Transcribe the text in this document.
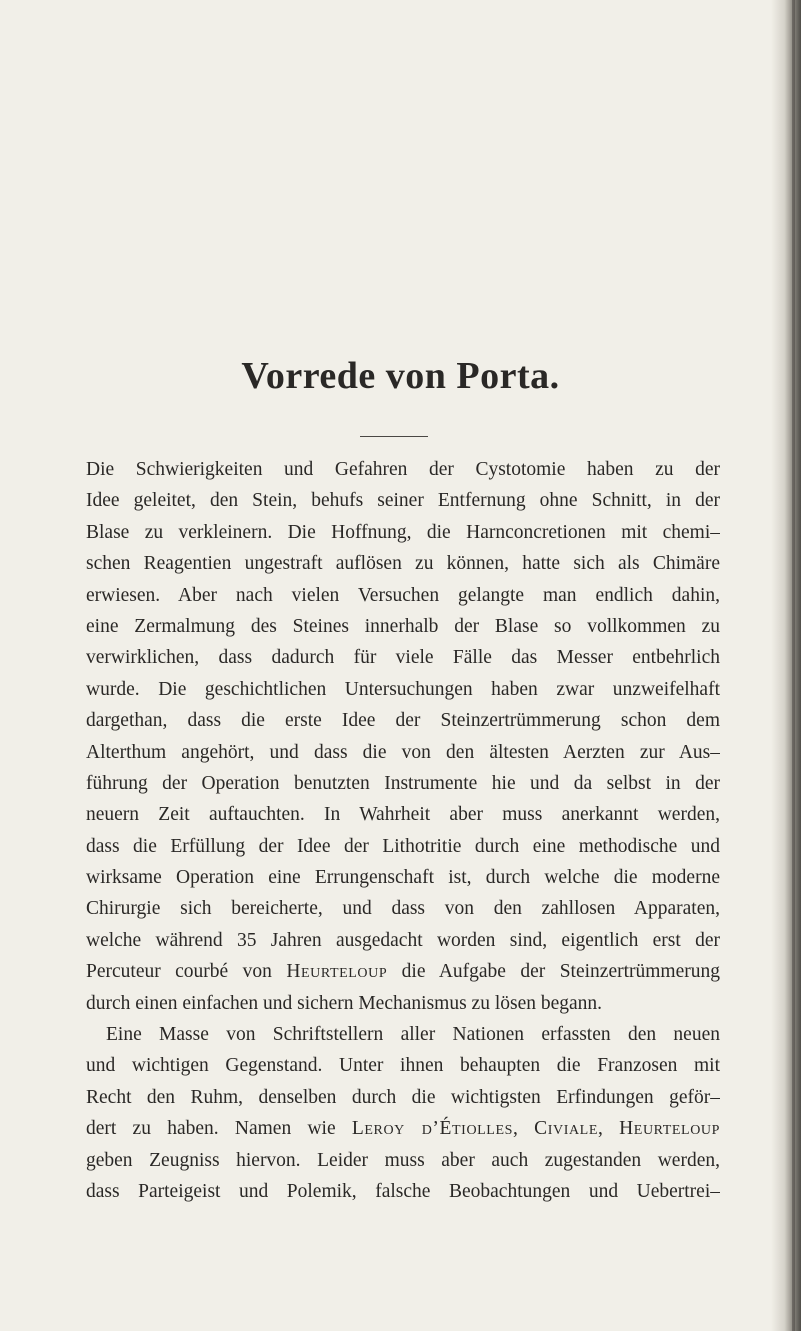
Vorrede von Porta.
Die Schwierigkeiten und Gefahren der Cystotomie haben zu der
Idee geleitet, den Stein, behufs seiner Entfernung ohne Schnitt, in der
Blase zu verkleinern. Die Hoffnung, die Harnconcretionen mit chemi–
schen Reagentien ungestraft auflösen zu können, hatte sich als Chimäre
erwiesen. Aber nach vielen Versuchen gelangte man endlich dahin,
eine Zermalmung des Steines innerhalb der Blase so vollkommen zu
verwirklichen, dass dadurch für viele Fälle das Messer entbehrlich
wurde. Die geschichtlichen Untersuchungen haben zwar unzweifelhaft
dargethan, dass die erste Idee der Steinzertrümmerung schon dem
Alterthum angehört, und dass die von den ältesten Aerzten zur Aus–
führung der Operation benutzten Instrumente hie und da selbst in der
neuern Zeit auftauchten. In Wahrheit aber muss anerkannt werden,
dass die Erfüllung der Idee der Lithotritie durch eine methodische und
wirksame Operation eine Errungenschaft ist, durch welche die moderne
Chirurgie sich bereicherte, und dass von den zahllosen Apparaten,
welche während 35 Jahren ausgedacht worden sind, eigentlich erst der
Percuteur courbé von Heurteloup die Aufgabe der Steinzertrümmerung
durch einen einfachen und sichern Mechanismus zu lösen begann.
Eine Masse von Schriftstellern aller Nationen erfassten den neuen
und wichtigen Gegenstand. Unter ihnen behaupten die Franzosen mit
Recht den Ruhm, denselben durch die wichtigsten Erfindungen geför–
dert zu haben. Namen wie Leroy d’Étiolles, Civiale, Heurteloup
geben Zeugniss hiervon. Leider muss aber auch zugestanden werden,
dass Parteigeist und Polemik, falsche Beobachtungen und Uebertrei–
